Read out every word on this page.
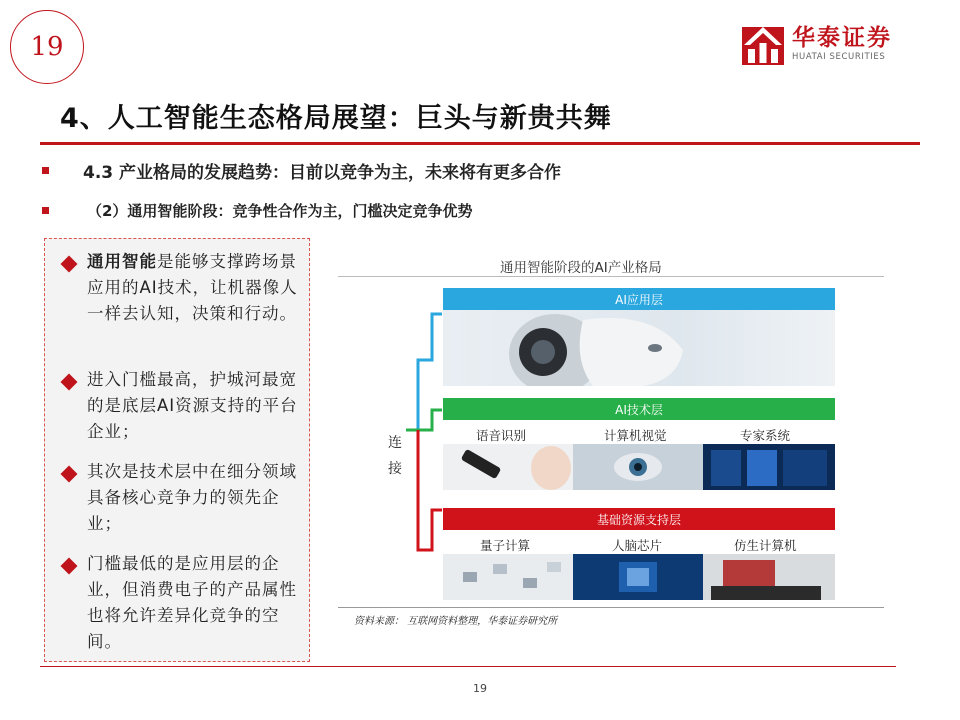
19	华泰证券
HUATAI SECURITIES
4、人工智能生态格局展望：巨头与新贵共舞
4.3 产业格局的发展趋势：目前以竞争为主，未来将有更多合作
（2）通用智能阶段：竞争性合作为主，门槛决定竞争优势
通用智能是能够支撑跨场景应用的AI技术，让机器像人一样去认知，决策和行动。
进入门槛最高，护城河最宽的是底层AI资源支持的平台企业；
其次是技术层中在细分领域具备核心竞争力的领先企业；
门槛最低的是应用层的企业，但消费电子的产品属性也将允许差异化竞争的空间。
通用智能阶段的AI产业格局
连接
AI应用层
AI技术层
语音识别	计算机视觉	专家系统
基础资源支持层
量子计算	人脑芯片	仿生计算机
资料来源： 互联网资料整理，华泰证券研究所
19
